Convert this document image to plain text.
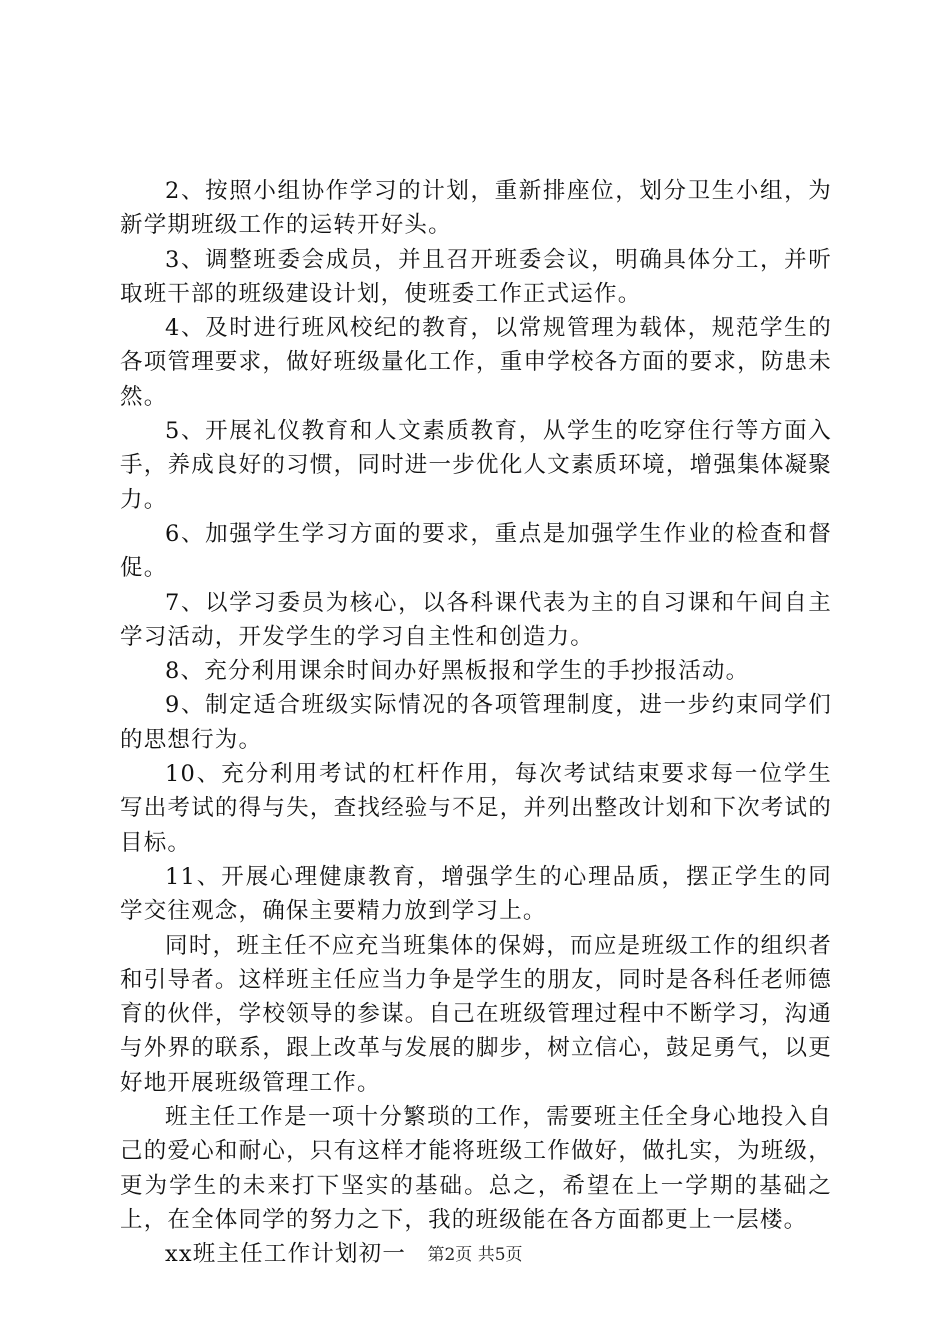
2、按照小组协作学习的计划，重新排座位，划分卫生小组，为新学期班级工作的运转开好头。

3、调整班委会成员，并且召开班委会议，明确具体分工，并听取班干部的班级建设计划，使班委工作正式运作。

4、及时进行班风校纪的教育，以常规管理为载体，规范学生的各项管理要求，做好班级量化工作，重申学校各方面的要求，防患未然。

5、开展礼仪教育和人文素质教育，从学生的吃穿住行等方面入手，养成良好的习惯，同时进一步优化人文素质环境，增强集体凝聚力。

6、加强学生学习方面的要求，重点是加强学生作业的检查和督促。

7、以学习委员为核心，以各科课代表为主的自习课和午间自主学习活动，开发学生的学习自主性和创造力。

8、充分利用课余时间办好黑板报和学生的手抄报活动。

9、制定适合班级实际情况的各项管理制度，进一步约束同学们的思想行为。

10、充分利用考试的杠杆作用，每次考试结束要求每一位学生写出考试的得与失，查找经验与不足，并列出整改计划和下次考试的目标。

11、开展心理健康教育，增强学生的心理品质，摆正学生的同学交往观念，确保主要精力放到学习上。

同时，班主任不应充当班集体的保姆，而应是班级工作的组织者和引导者。这样班主任应当力争是学生的朋友，同时是各科任老师德育的伙伴，学校领导的参谋。自己在班级管理过程中不断学习，沟通与外界的联系，跟上改革与发展的脚步，树立信心，鼓足勇气，以更好地开展班级管理工作。

班主任工作是一项十分繁琐的工作，需要班主任全身心地投入自己的爱心和耐心，只有这样才能将班级工作做好，做扎实，为班级，更为学生的未来打下坚实的基础。总之，希望在上一学期的基础之上，在全体同学的努力之下，我的班级能在各方面都更上一层楼。

xx班主任工作计划初一	第2页 共5页
